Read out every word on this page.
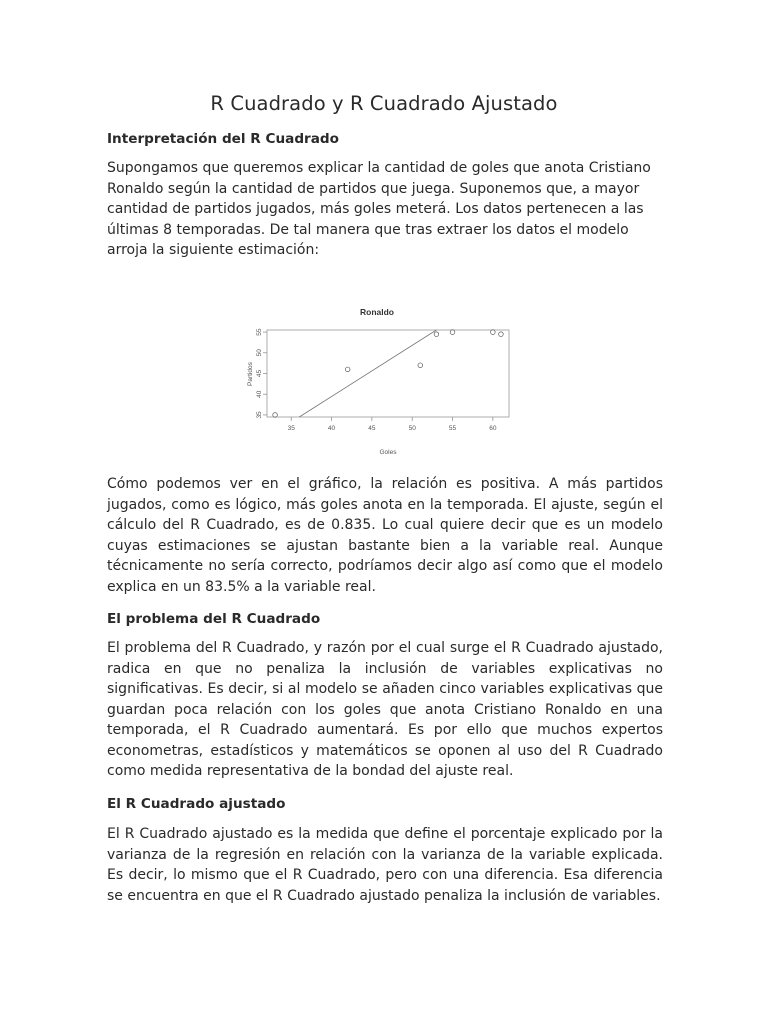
R Cuadrado y R Cuadrado Ajustado
Interpretación del R Cuadrado

Supongamos que queremos explicar la cantidad de goles que anota Cristiano Ronaldo según la cantidad de partidos que juega. Suponemos que, a mayor cantidad de partidos jugados, más goles meterá. Los datos pertenecen a las últimas 8 temporadas. De tal manera que tras extraer los datos el modelo arroja la siguiente estimación:

Ronaldo
Partidos
Goles
35	40	45	50	55	60
35
40
45
50
55

Cómo podemos ver en el gráfico, la relación es positiva. A más partidos jugados, como es lógico, más goles anota en la temporada. El ajuste, según el cálculo del R Cuadrado, es de 0.835. Lo cual quiere decir que es un modelo cuyas estimaciones se ajustan bastante bien a la variable real. Aunque técnicamente no sería correcto, podríamos decir algo así como que el modelo explica en un 83.5% a la variable real.

El problema del R Cuadrado

El problema del R Cuadrado, y razón por el cual surge el R Cuadrado ajustado, radica en que no penaliza la inclusión de variables explicativas no significativas. Es decir, si al modelo se añaden cinco variables explicativas que guardan poca relación con los goles que anota Cristiano Ronaldo en una temporada, el R Cuadrado aumentará. Es por ello que muchos expertos econometras, estadísticos y matemáticos se oponen al uso del R Cuadrado como medida representativa de la bondad del ajuste real.

El R Cuadrado ajustado

El R Cuadrado ajustado es la medida que define el porcentaje explicado por la varianza de la regresión en relación con la varianza de la variable explicada. Es decir, lo mismo que el R Cuadrado, pero con una diferencia. Esa diferencia se encuentra en que el R Cuadrado ajustado penaliza la inclusión de variables.
